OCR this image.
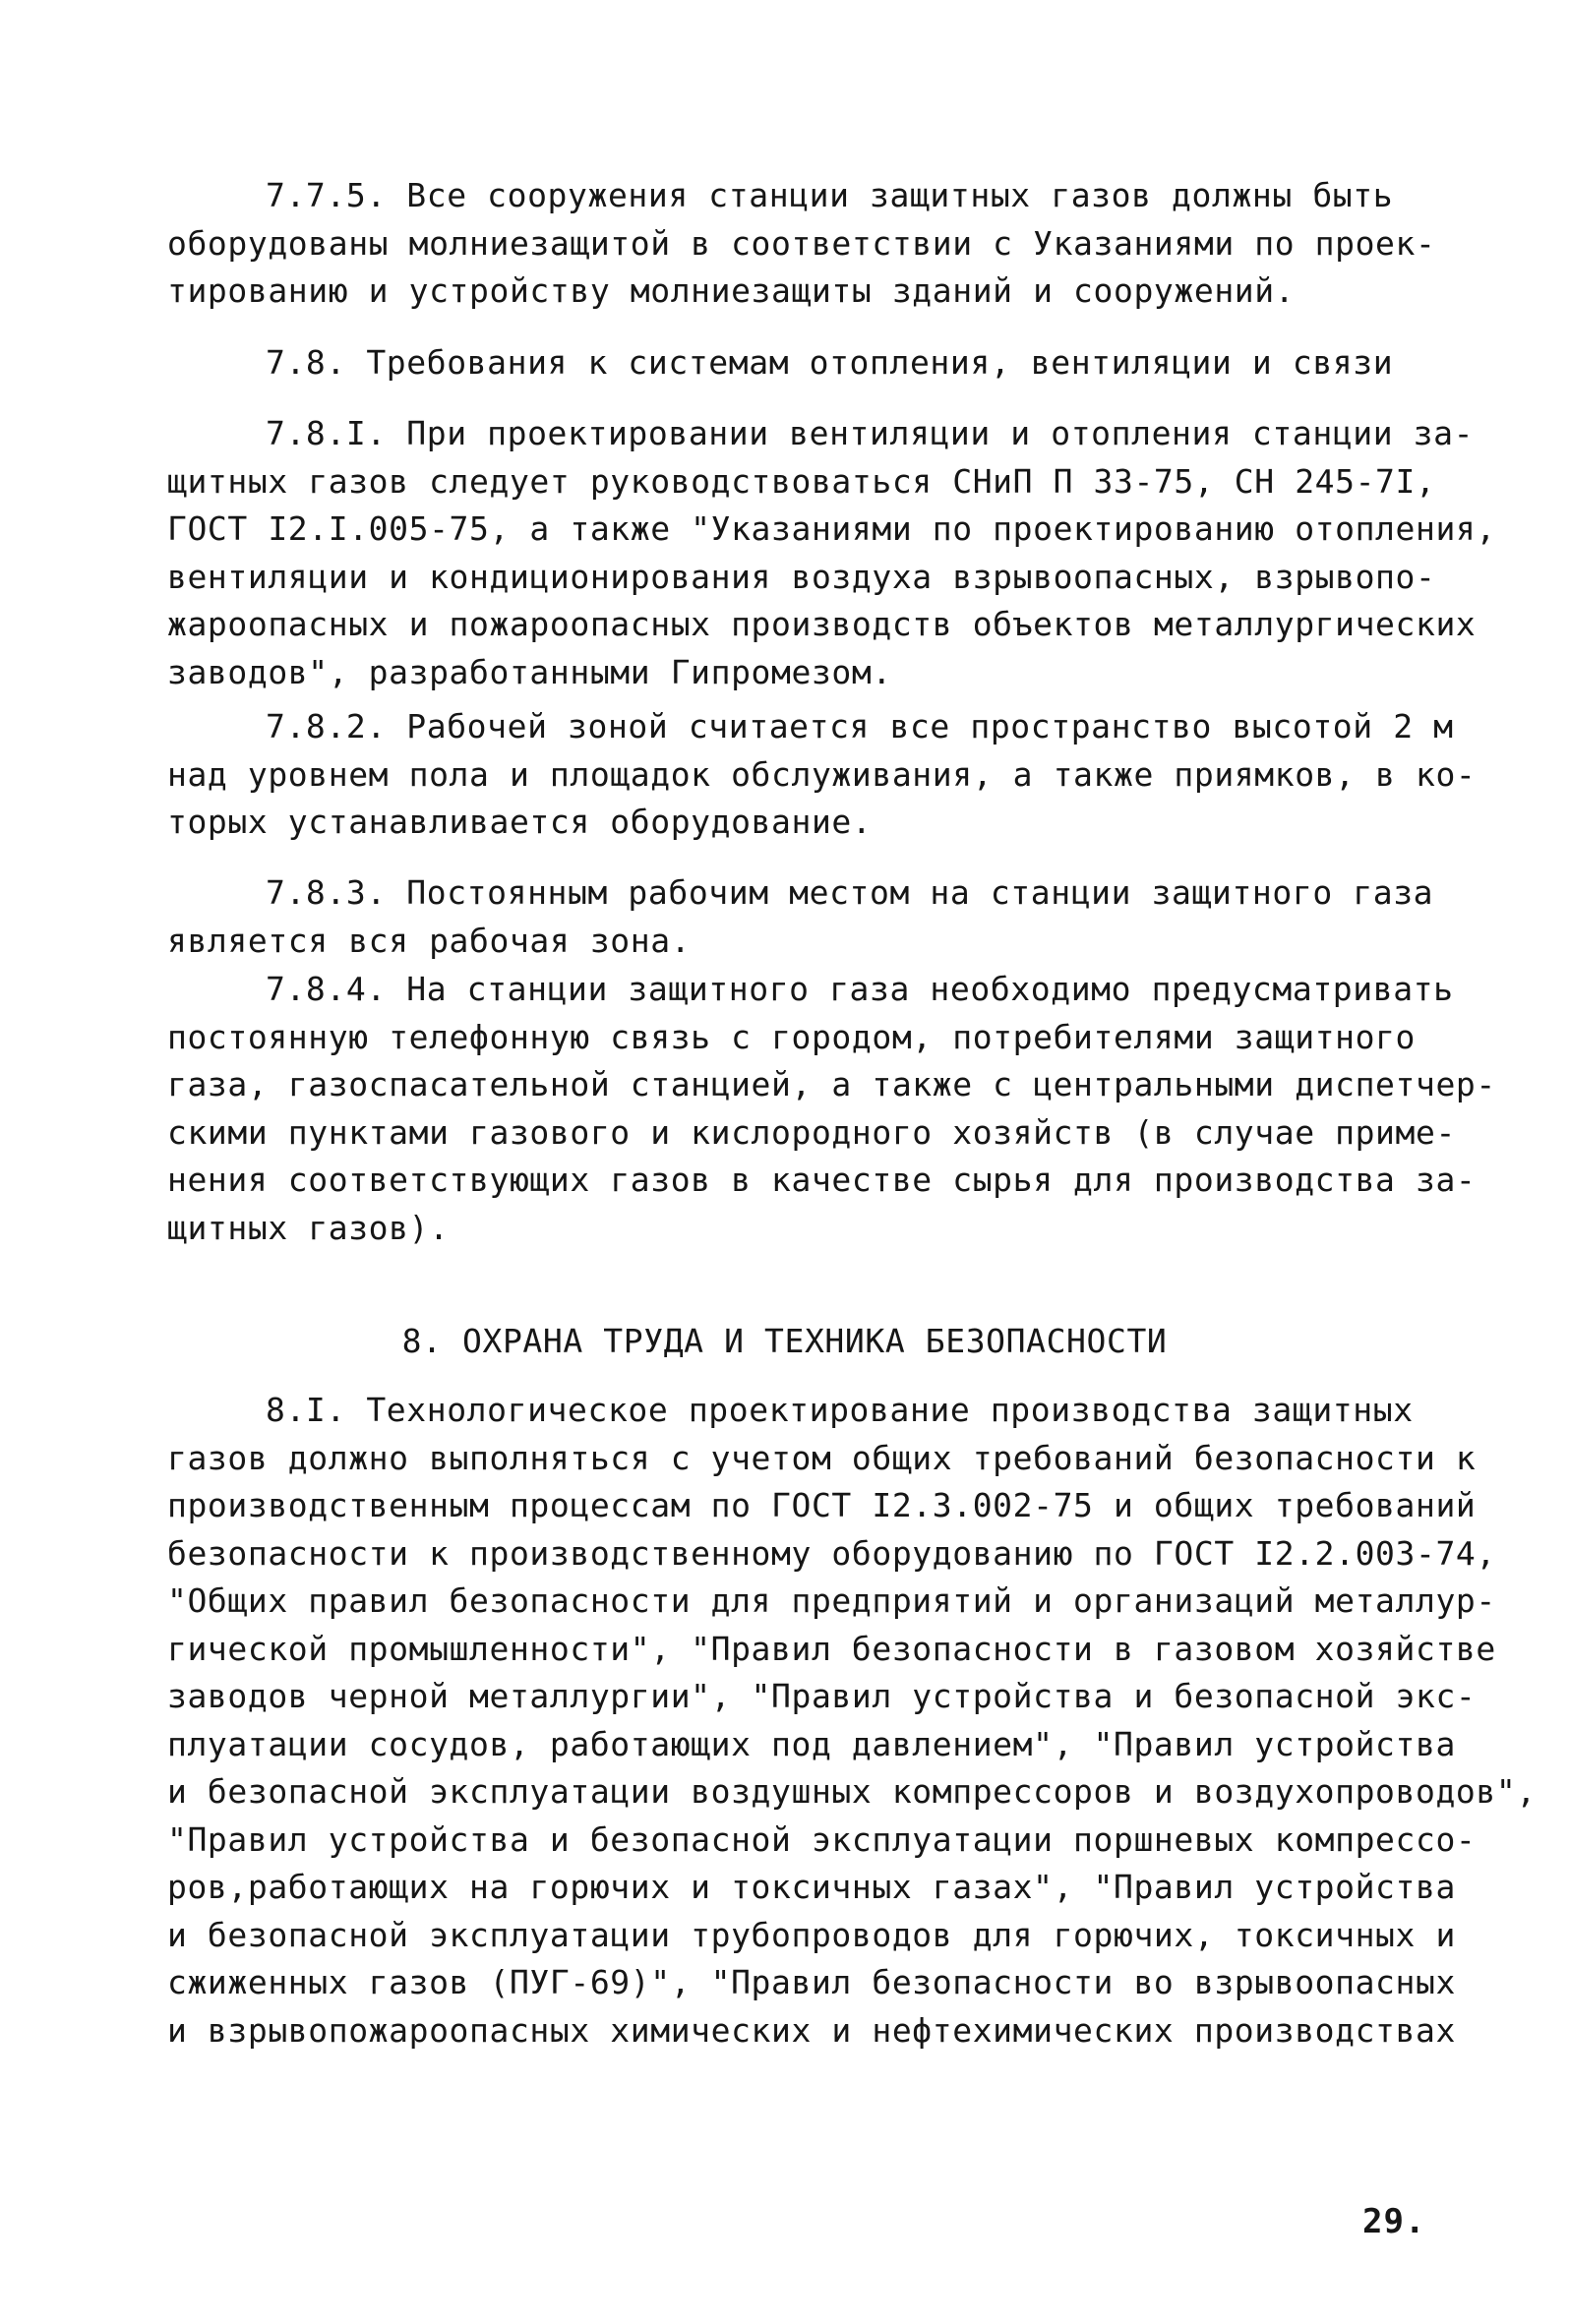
7.7.5. Все сооружения станции защитных газов должны быть
оборудованы молниезащитой в соответствии с Указаниями по проек-
тированию и устройству молниезащиты зданий и сооружений.
7.8. Требования к системам отопления, вентиляции и связи
7.8.I. При проектировании вентиляции и отопления станции за-
щитных газов следует руководствоваться СНиП П 33-75, СН 245-7I,
ГОСТ I2.I.005-75, а также "Указаниями по проектированию отопления,
вентиляции и кондиционирования воздуха взрывоопасных, взрывопо-
жароопасных и пожароопасных производств объектов металлургических
заводов", разработанными Гипромезом.
7.8.2. Рабочей зоной считается все пространство высотой 2 м
над уровнем пола и площадок обслуживания, а также приямков, в ко-
торых устанавливается оборудование.
7.8.3. Постоянным рабочим местом на станции защитного газа
является вся рабочая зона.
7.8.4. На станции защитного газа необходимо предусматривать
постоянную телефонную связь с городом, потребителями защитного
газа, газоспасательной станцией, а также с центральными диспетчер-
скими пунктами газового и кислородного хозяйств (в случае приме-
нения соответствующих газов в качестве сырья для производства за-
щитных газов).
8. ОХРАНА ТРУДА И ТЕХНИКА БЕЗОПАСНОСТИ
8.I. Технологическое проектирование производства защитных
газов должно выполняться с учетом общих требований безопасности к
производственным процессам по ГОСТ I2.3.002-75 и общих требований
безопасности к производственному оборудованию по ГОСТ I2.2.003-74,
"Общих правил безопасности для предприятий и организаций металлур-
гической промышленности", "Правил безопасности в газовом хозяйстве
заводов черной металлургии", "Правил устройства и безопасной экс-
плуатации сосудов, работающих под давлением", "Правил устройства
и безопасной эксплуатации воздушных компрессоров и воздухопроводов",
"Правил устройства и безопасной эксплуатации поршневых компрессо-
ров,работающих на горючих и токсичных газах", "Правил устройства
и безопасной эксплуатации трубопроводов для горючих, токсичных и
сжиженных газов (ПУГ-69)", "Правил безопасности во взрывоопасных
и взрывопожароопасных химических и нефтехимических производствах
29.
